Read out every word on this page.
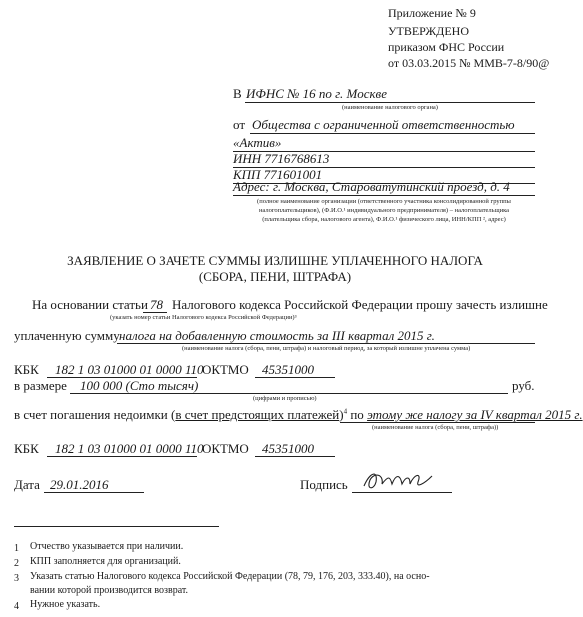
Приложение № 9
УТВЕРЖДЕНО
приказом ФНС России
от 03.03.2015 № ММВ-7-8/90@
В ИФНС № 16 по г. Москве
(наименование налогового органа)
от Общества с ограниченной ответственностью
«Актив»
ИНН 7716768613
КПП 771601001
Адрес: г. Москва, Староватутинский проезд, д. 4
(полное наименование организации (ответственного участника консолидированной группы
налогоплательщиков), (Ф.И.О.¹ индивидуального предпринимателя) – налогоплательщика
(плательщика сбора, налогового агента), Ф.И.О.¹ физического лица, ИНН/КПП ², адрес)
ЗАЯВЛЕНИЕ О ЗАЧЕТЕ СУММЫ ИЗЛИШНЕ УПЛАЧЕННОГО НАЛОГА
(СБОРА, ПЕНИ, ШТРАФА)
На основании статьи 78 Налогового кодекса Российской Федерации прошу зачесть излишне
(указать номер статьи Налогового кодекса Российской Федерации)³
уплаченную сумму налога на добавленную стоимость за III квартал 2015 г.
(наименование налога (сбора, пени, штрафа) и налоговый период, за который излишне уплачена сумма)
КБК 182 1 03 01000 01 0000 110
ОКТМО 45351000
в размере 100 000 (Сто тысяч)	руб.
(цифрами и прописью)
в счет погашения недоимки (в счет предстоящих платежей)$^4$ по этому же налогу за IV квартал 2015 г.
(наименование налога (сбора, пени, штрафа))
КБК 182 1 03 01000 01 0000 110
ОКТМО 45351000
Дата 29.01.2016	Подпись
1 Отчество указывается при наличии.
2 КПП заполняется для организаций.
3 Указать статью Налогового кодекса Российской Федерации (78, 79, 176, 203, 333.40), на осно-
вании которой производится возврат.
4 Нужное указать.
